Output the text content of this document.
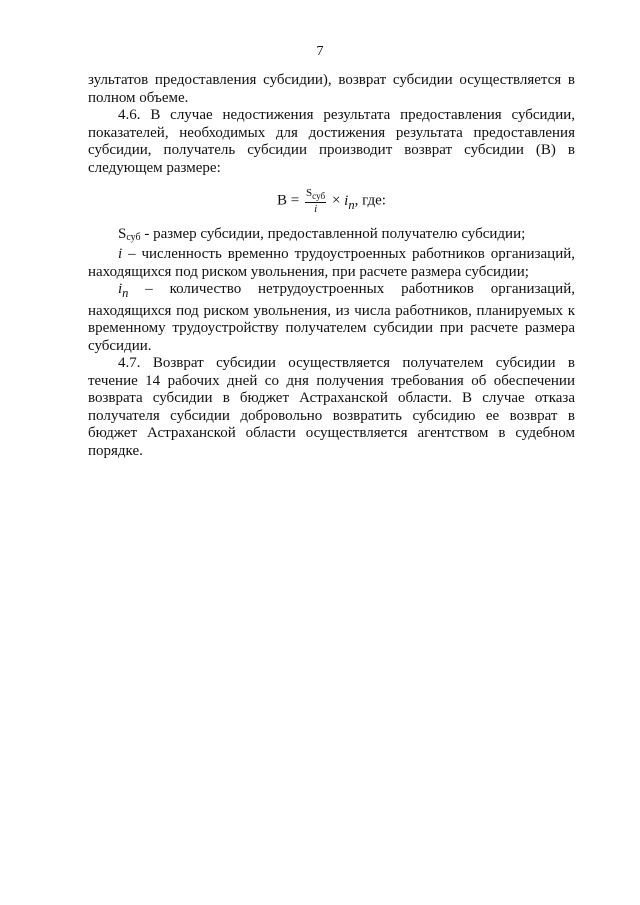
7

зультатов предоставления субсидии), возврат субсидии осуществляется в полном объеме.

4.6. В случае недостижения результата предоставления субсидии, показателей, необходимых для достижения результата предоставления субсидии, получатель субсидии производит возврат субсидии (В) в следующем размере:

$В = \frac{S_{суб}}{i} \times i_n$, где:

Sсуб - размер субсидии, предоставленной получателю субсидии;

i – численность временно трудоустроенных работников организаций, находящихся под риском увольнения, при расчете размера субсидии;

$i_n$ – количество нетрудоустроенных работников организаций, находящихся под риском увольнения, из числа работников, планируемых к временному трудоустройству получателем субсидии при расчете размера субсидии.

4.7. Возврат субсидии осуществляется получателем субсидии в течение 14 рабочих дней со дня получения требования об обеспечении возврата субсидии в бюджет Астраханской области. В случае отказа получателя субсидии добровольно возвратить субсидию ее возврат в бюджет Астраханской области осуществляется агентством в судебном порядке.
